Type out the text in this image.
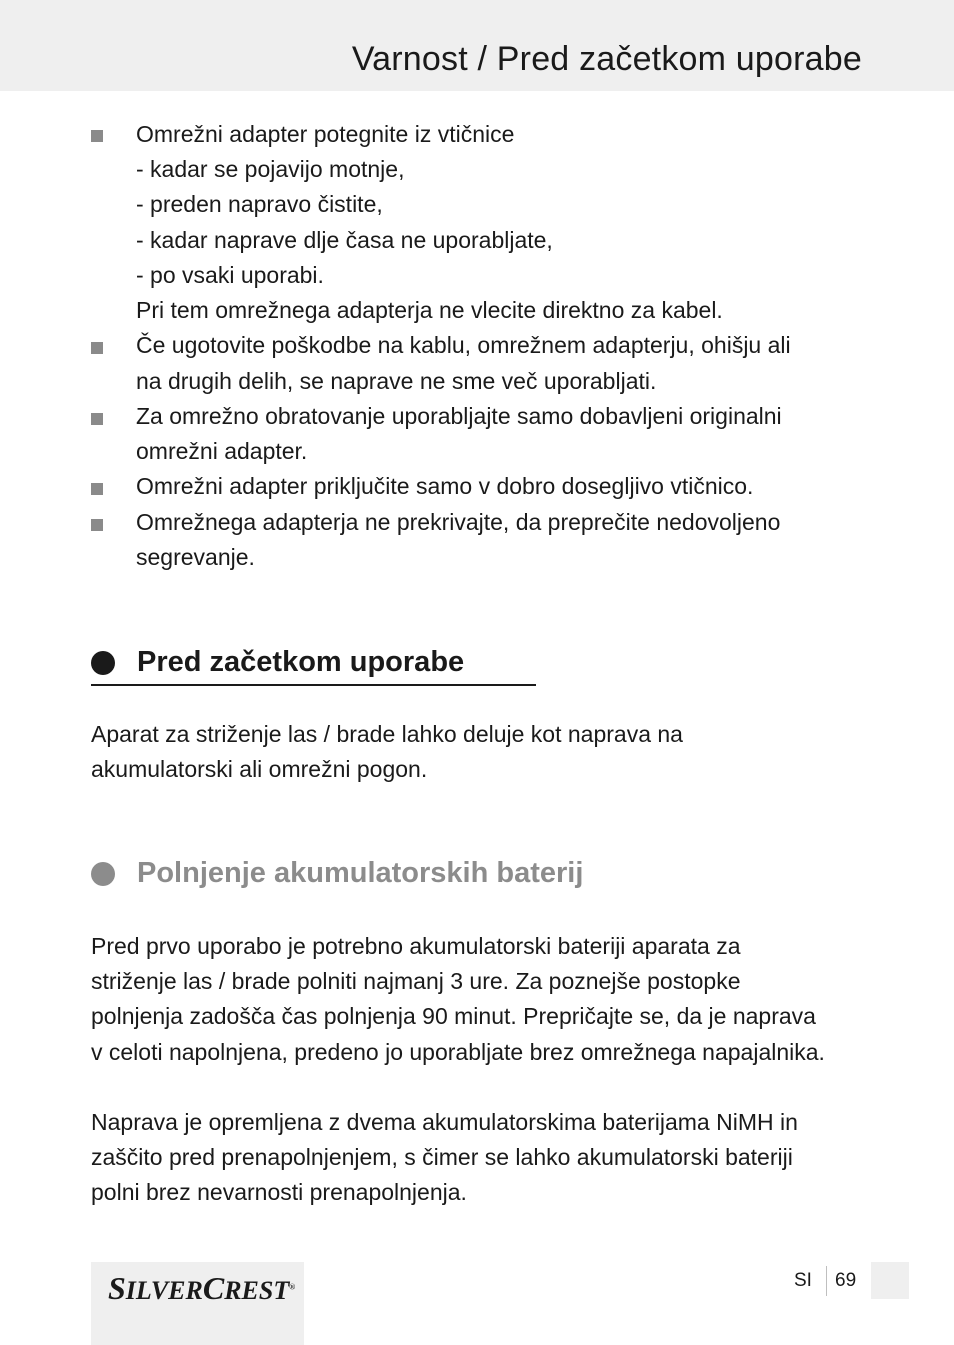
Varnost / Pred začetkom uporabe
Omrežni adapter potegnite iz vtičnice
- kadar se pojavijo motnje,
- preden napravo čistite,
- kadar naprave dlje časa ne uporabljate,
- po vsaki uporabi.
Pri tem omrežnega adapterja ne vlecite direktno za kabel.
Če ugotovite poškodbe na kablu, omrežnem adapterju, ohišju ali
na drugih delih, se naprave ne sme več uporabljati.
Za omrežno obratovanje uporabljajte samo dobavljeni originalni
omrežni adapter.
Omrežni adapter priključite samo v dobro dosegljivo vtičnico.
Omrežnega adapterja ne prekrivajte, da preprečite nedovoljeno
segrevanje.
Pred začetkom uporabe
Aparat za striženje las / brade lahko deluje kot naprava na
akumulatorski ali omrežni pogon.
Polnjenje akumulatorskih baterij
Pred prvo uporabo je potrebno akumulatorski bateriji aparata za
striženje las / brade polniti najmanj 3 ure. Za poznejše postopke
polnjenja zadošča čas polnjenja 90 minut. Prepričajte se, da je naprava
v celoti napolnjena, predeno jo uporabljate brez omrežnega napajalnika.
Naprava je opremljena z dvema akumulatorskima baterijama NiMH in
zaščito pred prenapolnjenjem, s čimer se lahko akumulatorski bateriji
polni brez nevarnosti prenapolnjenja.
SILVERCREST®	SI 69
